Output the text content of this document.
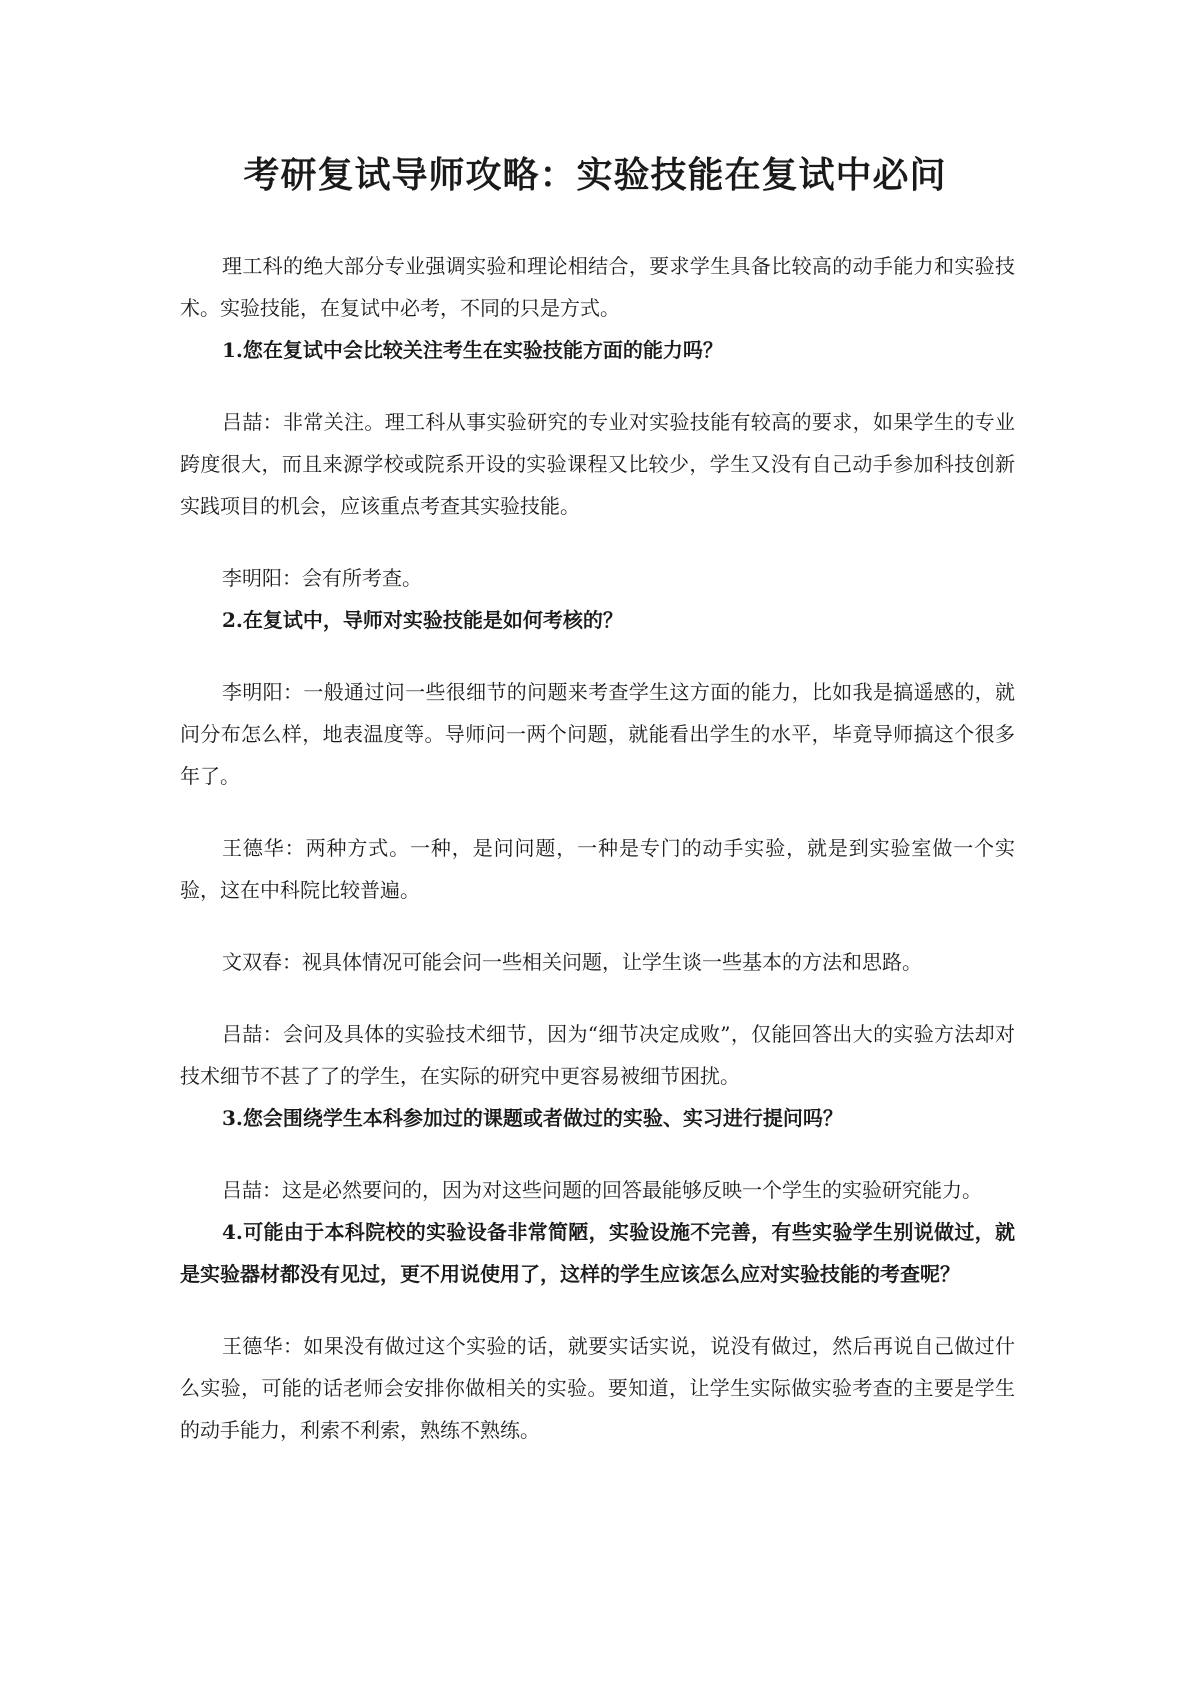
考研复试导师攻略：实验技能在复试中必问

理工科的绝大部分专业强调实验和理论相结合，要求学生具备比较高的动手能力和实验技术。实验技能，在复试中必考，不同的只是方式。

1.您在复试中会比较关注考生在实验技能方面的能力吗？

吕喆：非常关注。理工科从事实验研究的专业对实验技能有较高的要求，如果学生的专业跨度很大，而且来源学校或院系开设的实验课程又比较少，学生又没有自己动手参加科技创新实践项目的机会，应该重点考查其实验技能。

李明阳：会有所考查。

2.在复试中，导师对实验技能是如何考核的？

李明阳：一般通过问一些很细节的问题来考查学生这方面的能力，比如我是搞遥感的，就问分布怎么样，地表温度等。导师问一两个问题，就能看出学生的水平，毕竟导师搞这个很多年了。

王德华：两种方式。一种，是问问题，一种是专门的动手实验，就是到实验室做一个实验，这在中科院比较普遍。

文双春：视具体情况可能会问一些相关问题，让学生谈一些基本的方法和思路。

吕喆：会问及具体的实验技术细节，因为“细节决定成败”，仅能回答出大的实验方法却对技术细节不甚了了的学生，在实际的研究中更容易被细节困扰。

3.您会围绕学生本科参加过的课题或者做过的实验、实习进行提问吗？

吕喆：这是必然要问的，因为对这些问题的回答最能够反映一个学生的实验研究能力。

4.可能由于本科院校的实验设备非常简陋，实验设施不完善，有些实验学生别说做过，就是实验器材都没有见过，更不用说使用了，这样的学生应该怎么应对实验技能的考查呢？

王德华：如果没有做过这个实验的话，就要实话实说，说没有做过，然后再说自己做过什么实验，可能的话老师会安排你做相关的实验。要知道，让学生实际做实验考查的主要是学生的动手能力，利索不利索，熟练不熟练。
